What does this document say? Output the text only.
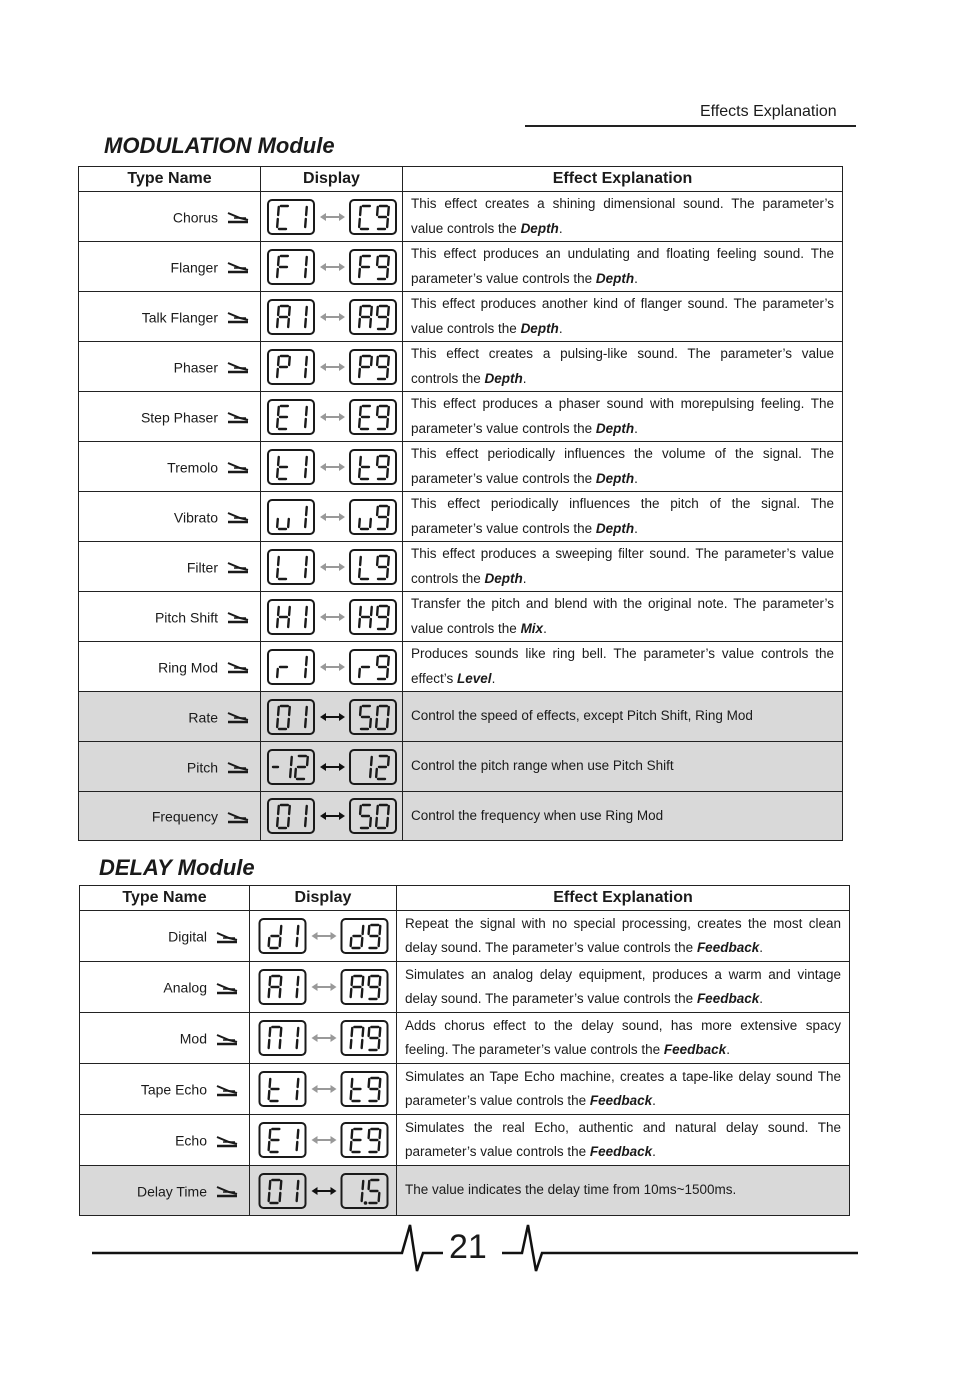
Effects Explanation
MODULATION Module
Type Name	Display	Effect Explanation
Chorus		This effect creates a shining dimensional sound. The parameter’s value controls the Depth.
Flanger		This effect produces an undulating and floating feeling sound. The parameter’s value controls the Depth.
Talk Flanger		This effect produces another kind of flanger sound. The parameter’s value controls the Depth.
Phaser		This effect creates a pulsing-like sound. The parameter’s value controls the Depth.
Step Phaser		This effect produces a phaser sound with morepulsing feeling. The parameter’s value controls the Depth.
Tremolo		This effect periodically influences the volume of the signal. The parameter’s value controls the Depth.
Vibrato		This effect periodically influences the pitch of the signal. The parameter’s value controls the Depth.
Filter		This effect produces a sweeping filter sound. The parameter’s value controls the Depth.
Pitch Shift		Transfer the pitch and blend with the original note. The parameter’s value controls the Mix.
Ring Mod		Produces sounds like ring bell. The parameter’s value controls the effect’s Level.
Rate		Control the speed of effects, except Pitch Shift, Ring Mod
Pitch		Control the pitch range when use Pitch Shift
Frequency		Control the frequency when use Ring Mod
DELAY Module
Type Name	Display	Effect Explanation
Digital		Repeat the signal with no special processing, creates the most clean delay sound. The parameter’s value controls the Feedback.
Analog		Simulates an analog delay equipment, produces a warm and vintage delay sound. The parameter’s value controls the Feedback.
Mod		Adds chorus effect to the delay sound, has more extensive spacy feeling. The parameter’s value controls the Feedback.
Tape Echo		Simulates an Tape Echo machine, creates a tape-like delay sound The parameter’s value controls the Feedback.
Echo		Simulates the real Echo, authentic and natural delay sound. The parameter’s value controls the Feedback.
Delay Time		The value indicates the delay time from 10ms~1500ms.
21
